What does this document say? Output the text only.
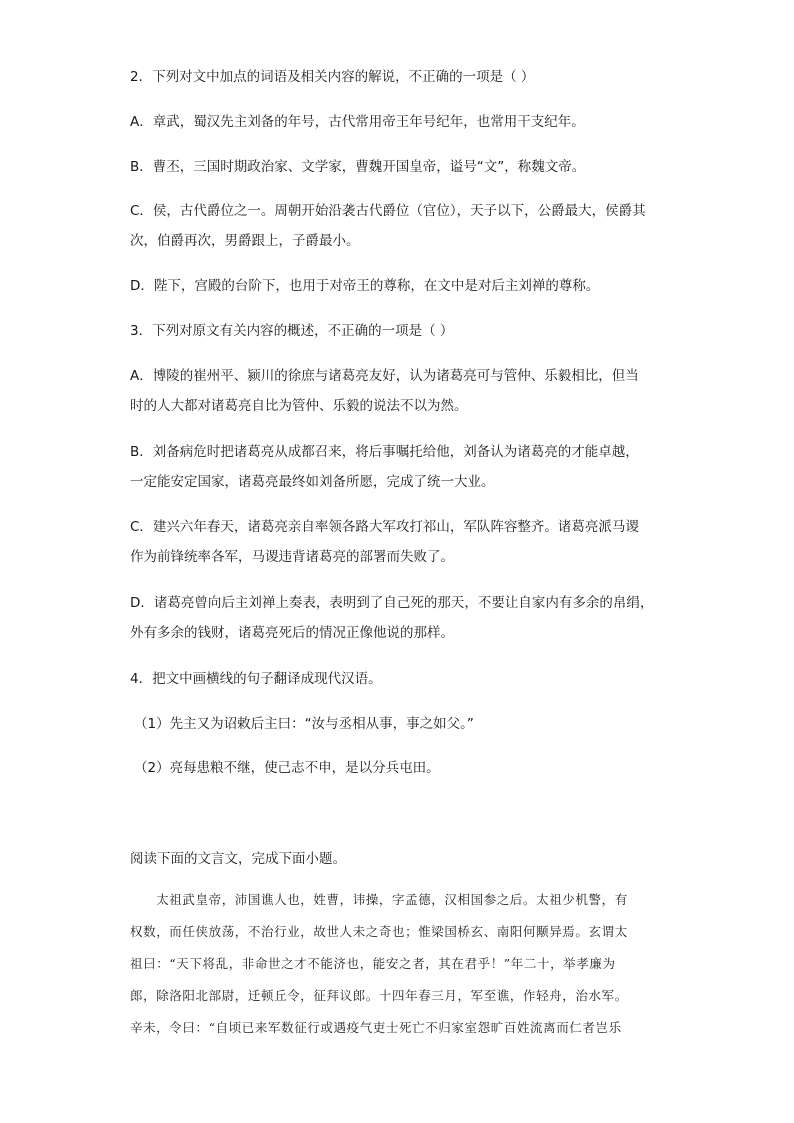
2．下列对文中加点的词语及相关内容的解说，不正确的一项是（ ）
A．章武，蜀汉先主刘备的年号，古代常用帝王年号纪年，也常用干支纪年。
B．曹丕，三国时期政治家、文学家，曹魏开国皇帝，谥号“文”，称魏文帝。
C．侯，古代爵位之一。周朝开始沿袭古代爵位（官位），天子以下，公爵最大，侯爵其
次，伯爵再次，男爵跟上，子爵最小。
D．陛下，宫殿的台阶下，也用于对帝王的尊称，在文中是对后主刘禅的尊称。
3．下列对原文有关内容的概述，不正确的一项是（ ）
A．博陵的崔州平、颍川的徐庶与诸葛亮友好，认为诸葛亮可与管仲、乐毅相比，但当
时的人大都对诸葛亮自比为管仲、乐毅的说法不以为然。
B．刘备病危时把诸葛亮从成都召来，将后事嘱托给他，刘备认为诸葛亮的才能卓越，
一定能安定国家，诸葛亮最终如刘备所愿，完成了统一大业。
C．建兴六年春天，诸葛亮亲自率领各路大军攻打祁山，军队阵容整齐。诸葛亮派马谡
作为前锋统率各军，马谡违背诸葛亮的部署而失败了。
D．诸葛亮曾向后主刘禅上奏表，表明到了自己死的那天，不要让自家内有多余的帛绢，
外有多余的钱财，诸葛亮死后的情况正像他说的那样。
4．把文中画横线的句子翻译成现代汉语。
（1）先主又为诏敕后主曰：“汝与丞相从事，事之如父。”
（2）亮每患粮不继，使己志不申，是以分兵屯田。
阅读下面的文言文，完成下面小题。
　　太祖武皇帝，沛国谯人也，姓曹，讳操，字孟德，汉相国参之后。太祖少机警，有
权数，而任侠放荡，不治行业，故世人未之奇也；惟梁国桥玄、南阳何颙异焉。玄谓太
祖曰：“天下将乱，非命世之才不能济也，能安之者，其在君乎！”年二十，举孝廉为
郎，除洛阳北部尉，迁顿丘令，征拜议郎。十四年春三月，军至谯，作轻舟，治水军。
辛未，令曰：“自顷已来军数征行或遇疫气吏士死亡不归家室怨旷百姓流离而仁者岂乐
